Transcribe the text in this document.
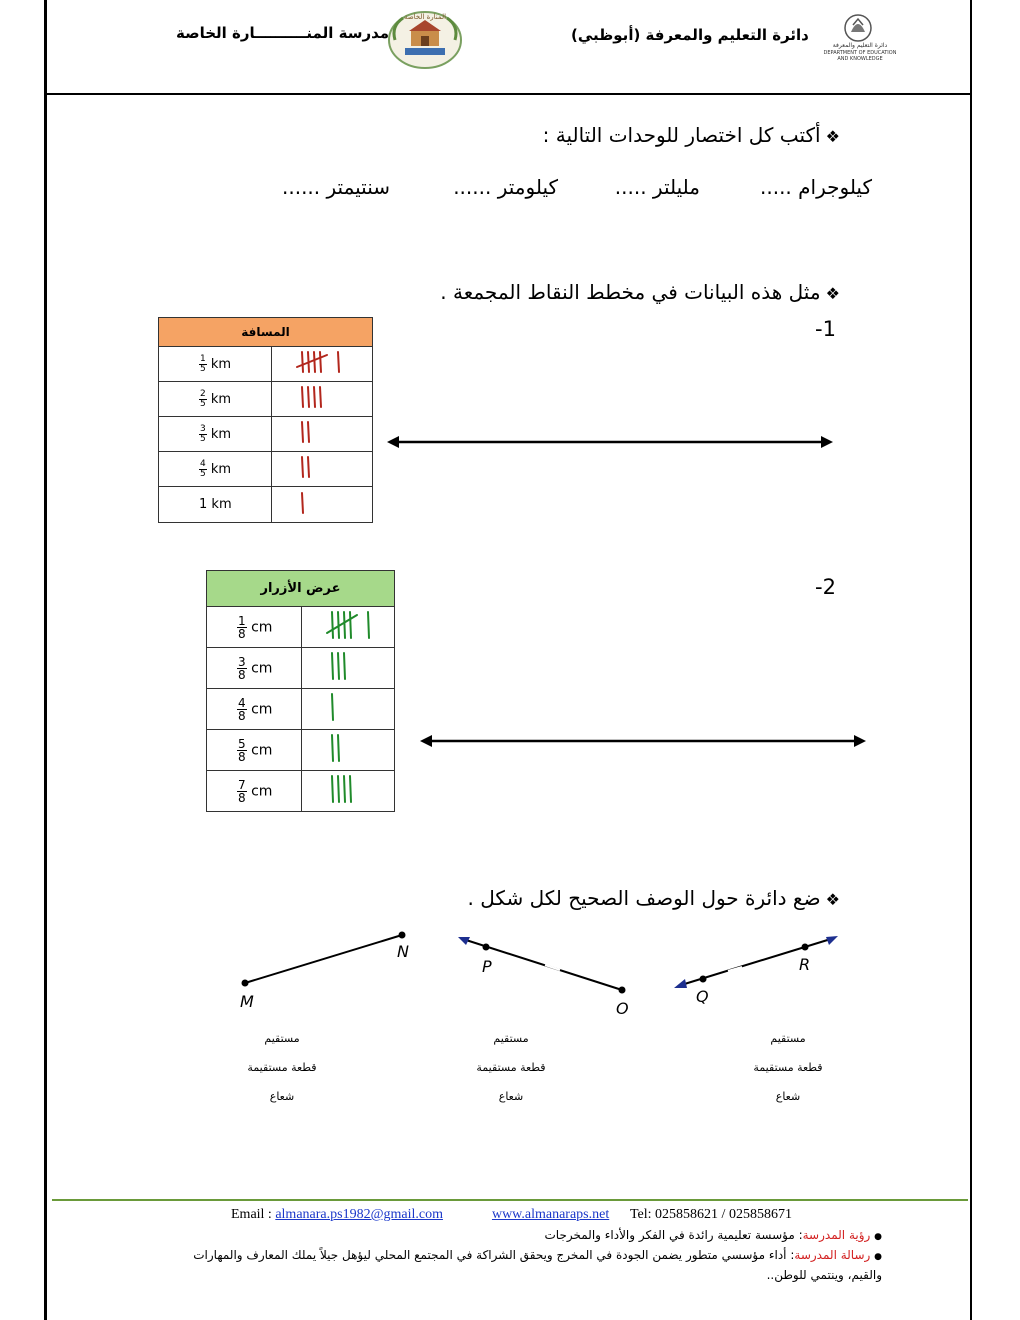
مدرسة المنــــــــــارة الخاصة
المنارة الخاصة
دائرة التعليم والمعرفة (أبوظبي)
دائرة التعليم والمعرفة
DEPARTMENT OF EDUCATION
AND KNOWLEDGE
❖ أكتب كل اختصار للوحدات التالية :
كيلوجرام .....
مليلتر .....
كيلومتر ......
سنتيمتر ......
❖ مثل هذه البيانات في مخطط النقاط المجمعة .
-1
المسافة	

$\frac{1}{5}$ km	

$\frac{2}{5}$ km	

$\frac{3}{5}$ km	

$\frac{4}{5}$ km	
1 km	
-2
عرض الأزرار	

$\frac{1}{8}$ cm	

$\frac{3}{8}$ cm	

$\frac{4}{8}$ cm	

$\frac{5}{8}$ cm	

$\frac{7}{8}$ cm	
❖ ضع دائرة حول الوصف الصحيح لكل شكل .
M
N
P
O
Q
R
مستقيم
قطعة مستقيمة
شعاع
مستقيم
قطعة مستقيمة
شعاع
مستقيم
قطعة مستقيمة
شعاع
Email : almanara.ps1982@gmail.com	www.almanaraps.net Tel: 025858621 / 025858671
● رؤية المدرسة: مؤسسة تعليمية رائدة في الفكر والأداء والمخرجات
● رسالة المدرسة: أداء مؤسسي متطور يضمن الجودة في المخرج ويحقق الشراكة في المجتمع المحلي ليؤهل جيلاً يملك المعارف والمهارات
والقيم، وينتمي للوطن..
